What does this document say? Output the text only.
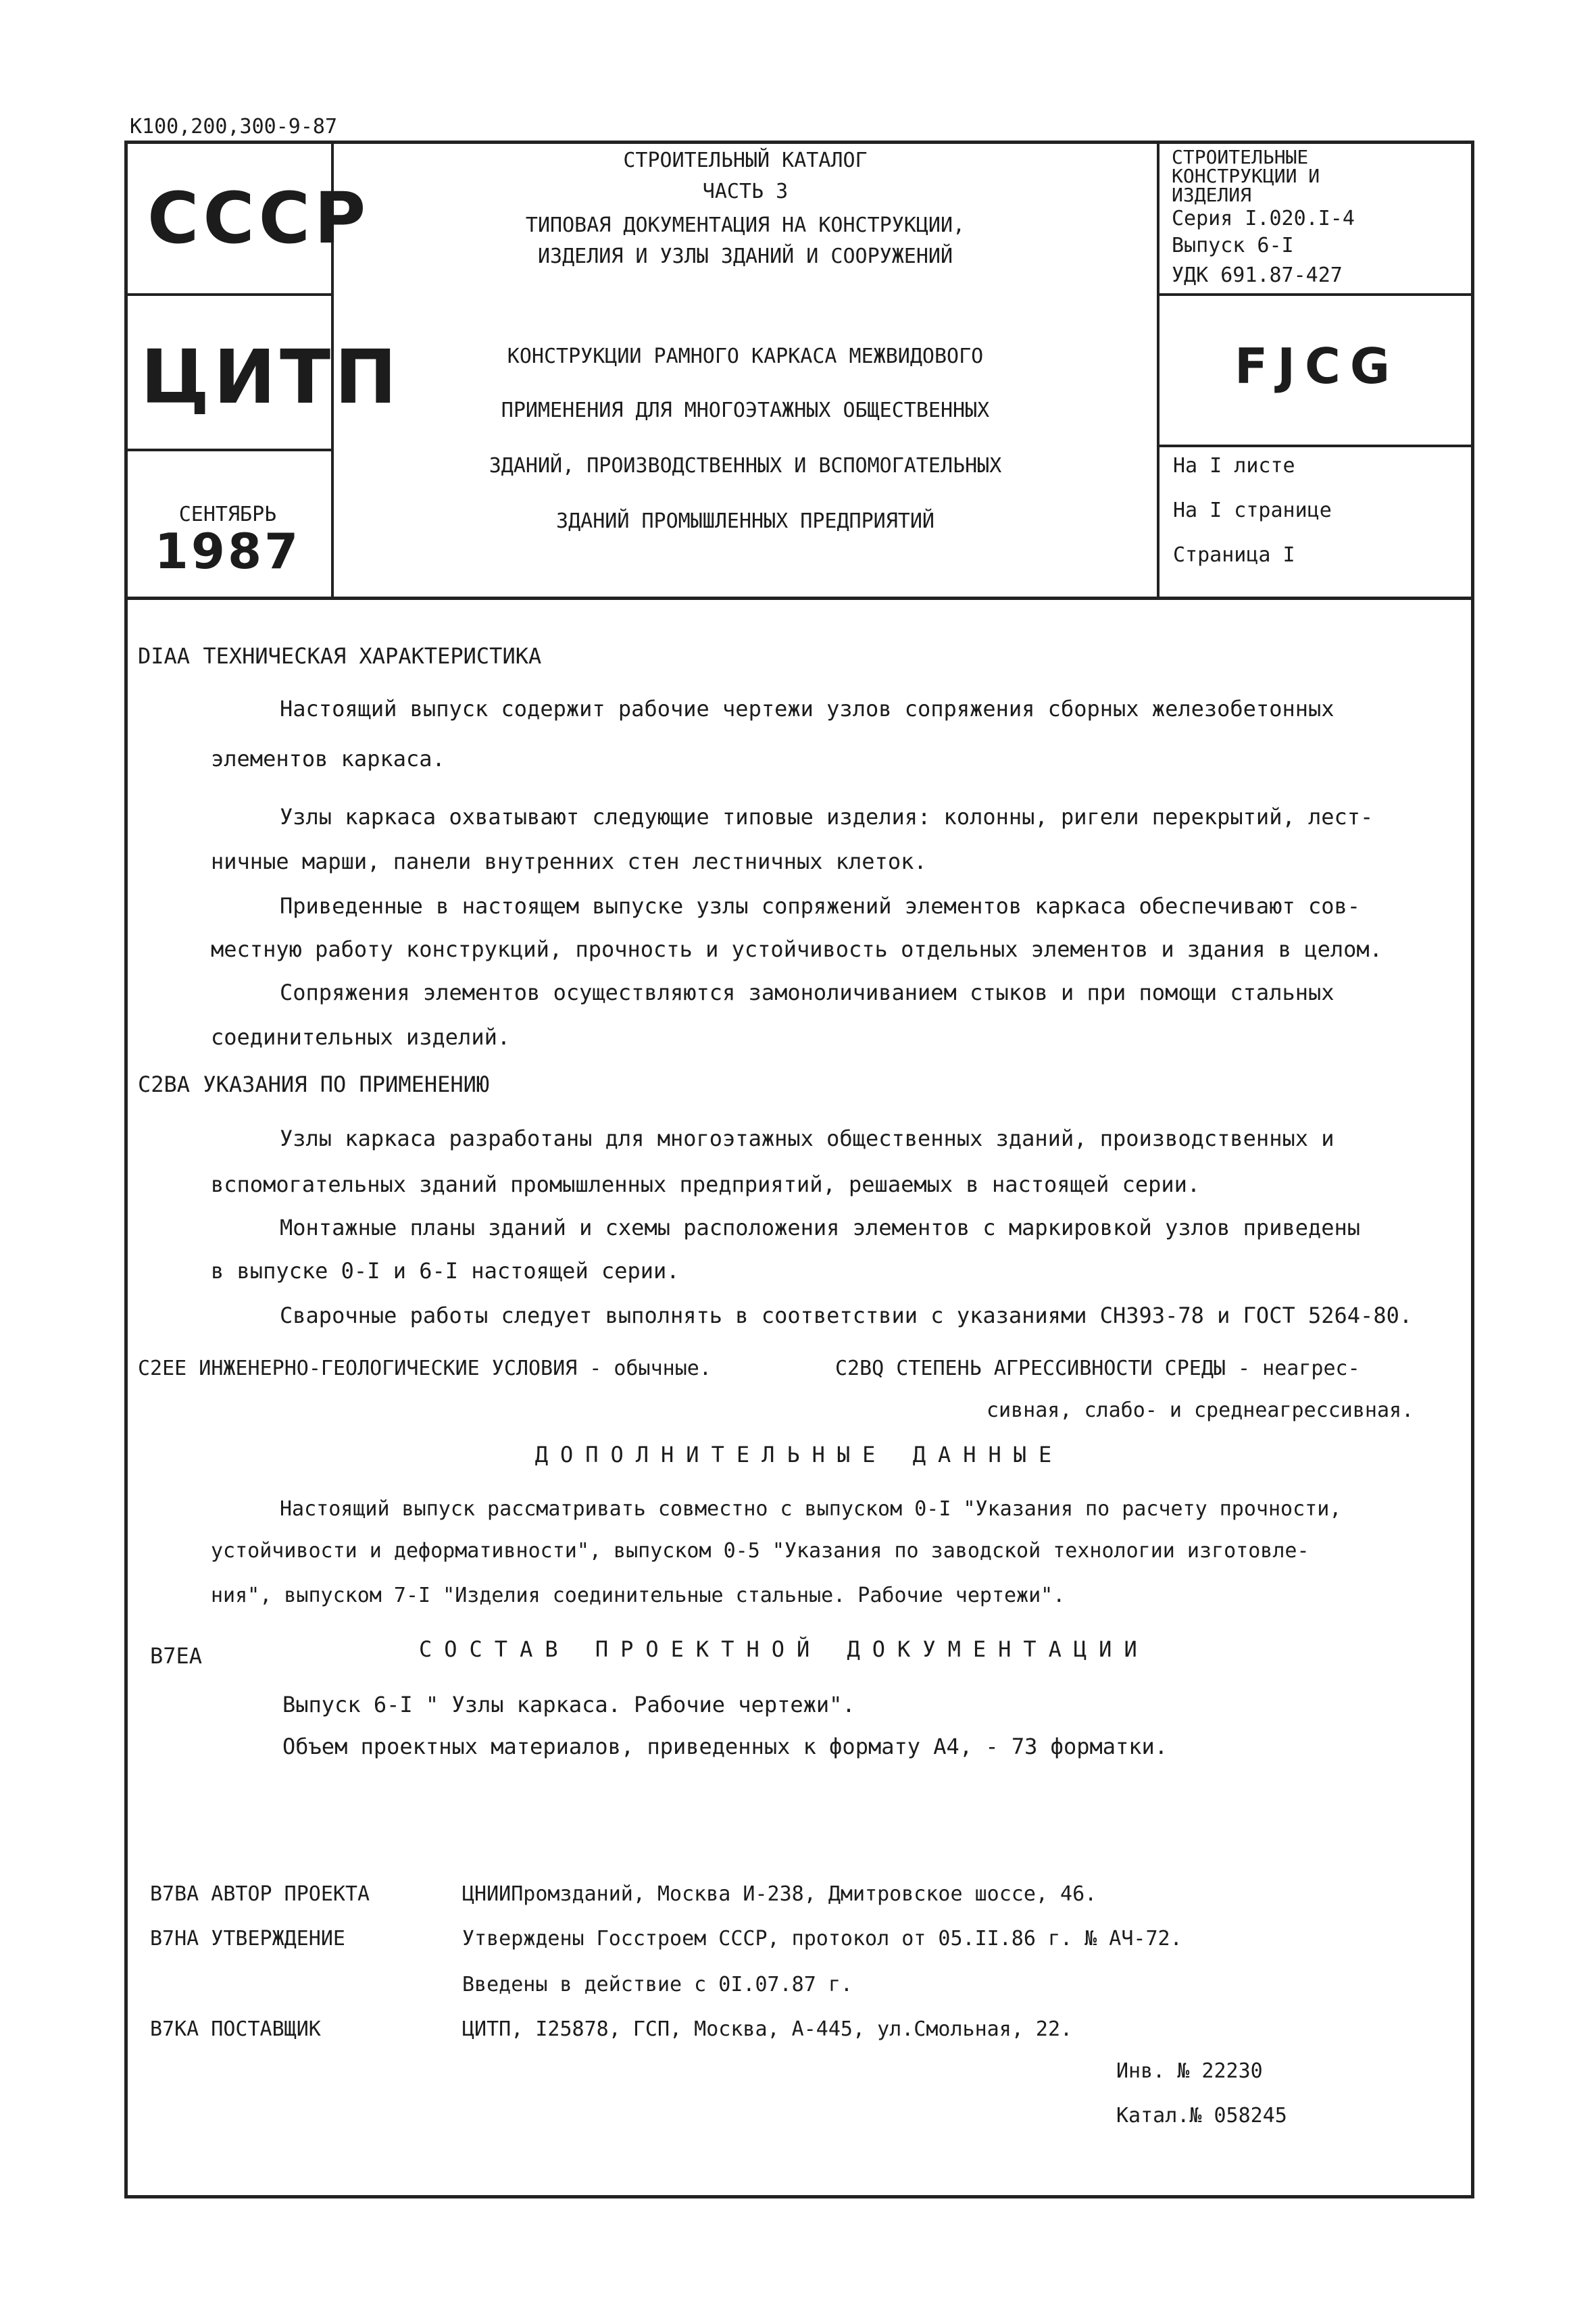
К100,200,300-9-87
СССР
ЦИТП
СЕНТЯБРЬ
1987
СТРОИТЕЛЬНЫЙ КАТАЛОГ
ЧАСТЬ 3
ТИПОВАЯ ДОКУМЕНТАЦИЯ НА КОНСТРУКЦИИ,
ИЗДЕЛИЯ И УЗЛЫ ЗДАНИЙ И СООРУЖЕНИЙ
СТРОИТЕЛЬНЫЕ
КОНСТРУКЦИИ И
ИЗДЕЛИЯ
Серия I.020.I-4
Выпуск 6-I
УДК 691.87-427
КОНСТРУКЦИИ РАМНОГО КАРКАСА МЕЖВИДОВОГО
ПРИМЕНЕНИЯ ДЛЯ МНОГОЭТАЖНЫХ ОБЩЕСТВЕННЫХ
ЗДАНИЙ, ПРОИЗВОДСТВЕННЫХ И ВСПОМОГАТЕЛЬНЫХ
ЗДАНИЙ ПРОМЫШЛЕННЫХ ПРЕДПРИЯТИЙ
FJCG
На I листе
На I странице
Страница I
DIAA ТЕХНИЧЕСКАЯ ХАРАКТЕРИСТИКА
Настоящий выпуск содержит рабочие чертежи узлов сопряжения сборных железобетонных
элементов каркаса.
Узлы каркаса охватывают следующие типовые изделия: колонны, ригели перекрытий, лест-
ничные марши, панели внутренних стен лестничных клеток.
Приведенные в настоящем выпуске узлы сопряжений элементов каркаса обеспечивают сов-
местную работу конструкций, прочность и устойчивость отдельных элементов и здания в целом.
Сопряжения элементов осуществляются замоноличиванием стыков и при помощи стальных
соединительных изделий.
C2BA УКАЗАНИЯ ПО ПРИМЕНЕНИЮ
Узлы каркаса разработаны для многоэтажных общественных зданий, производственных и
вспомогательных зданий промышленных предприятий, решаемых в настоящей серии.
Монтажные планы зданий и схемы расположения элементов с маркировкой узлов приведены
в выпуске 0-I и 6-I настоящей серии.
Сварочные работы следует выполнять в соответствии с указаниями СН393-78 и ГОСТ 5264-80.
C2EE ИНЖЕНЕРНО-ГЕОЛОГИЧЕСКИЕ УСЛОВИЯ - обычные.	C2BQ СТЕПЕНЬ АГРЕССИВНОСТИ СРЕДЫ - неагрес-
сивная, слабо- и среднеагрессивная.
ДОПОЛНИТЕЛЬНЫЕ ДАННЫЕ
Настоящий выпуск рассматривать совместно с выпуском 0-I "Указания по расчету прочности,
устойчивости и деформативности", выпуском 0-5 "Указания по заводской технологии изготовле-
ния", выпуском 7-I "Изделия соединительные стальные. Рабочие чертежи".
B7EA	СОСТАВ ПРОЕКТНОЙ ДОКУМЕНТАЦИИ
Выпуск 6-I " Узлы каркаса. Рабочие чертежи".
Объем проектных материалов, приведенных к формату А4, - 73 форматки.
B7BA АВТОР ПРОЕКТА	ЦНИИПромзданий, Москва И-238, Дмитровское шоссе, 46.
B7HA УТВЕРЖДЕНИЕ	Утверждены Госстроем СССР, протокол от 05.II.86 г. № АЧ-72.
Введены в действие с 0I.07.87 г.
B7KA ПОСТАВЩИК	ЦИТП, I25878, ГСП, Москва, А-445, ул.Смольная, 22.
Инв. № 22230
Катал.№ 058245
